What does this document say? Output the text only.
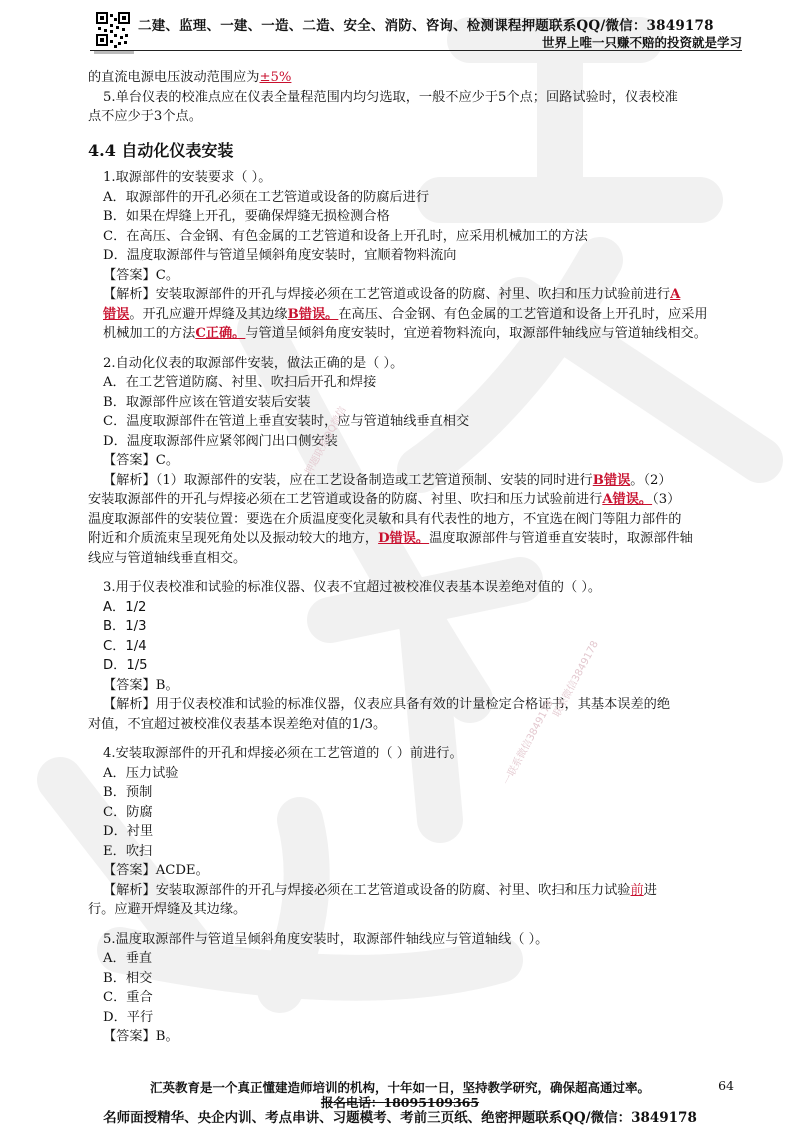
二建、监理、一建、一造、二造、安全、消防、咨询、检测课程押题联系QQ/微信：3849178
世界上唯一只赚不赔的投资就是学习

的直流电源电压波动范围应为±5%

5.单台仪表的校准点应在仪表全量程范围内均匀选取，一般不应少于5个点；回路试验时，仪表校准

点不应少于3个点。

4.4 自动化仪表安装

1.取源部件的安装要求（ ）。

A．取源部件的开孔必须在工艺管道或设备的防腐后进行

B．如果在焊缝上开孔，要确保焊缝无损检测合格

C．在高压、合金钢、有色金属的工艺管道和设备上开孔时，应采用机械加工的方法

D．温度取源部件与管道呈倾斜角度安装时，宜顺着物料流向

【答案】C。

【解析】安装取源部件的开孔与焊接必须在工艺管道或设备的防腐、衬里、吹扫和压力试验前进行A
错误。开孔应避开焊缝及其边缘B错误。在高压、合金钢、有色金属的工艺管道和设备上开孔时，应采用
机械加工的方法C正确。与管道呈倾斜角度安装时，宜逆着物料流向，取源部件轴线应与管道轴线相交。

2.自动化仪表的取源部件安装，做法正确的是（ ）。

A．在工艺管道防腐、衬里、吹扫后开孔和焊接

B．取源部件应该在管道安装后安装

C．温度取源部件在管道上垂直安装时，应与管道轴线垂直相交

D．温度取源部件应紧邻阀门出口侧安装

【答案】C。

【解析】（1）取源部件的安装，应在工艺设备制造或工艺管道预制、安装的同时进行B错误。（2）

安装取源部件的开孔与焊接必须在工艺管道或设备的防腐、衬里、吹扫和压力试验前进行A错误。（3）

温度取源部件的安装位置：要选在介质温度变化灵敏和具有代表性的地方，不宜选在阀门等阻力部件的

附近和介质流束呈现死角处以及振动较大的地方，D错误。温度取源部件与管道垂直安装时，取源部件轴

线应与管道轴线垂直相交。

3.用于仪表校准和试验的标准仪器、仪表不宜超过被校准仪表基本误差绝对值的（ ）。

A．1/2

B．1/3

C．1/4

D．1/5

【答案】B。

【解析】用于仪表校准和试验的标准仪器，仪表应具备有效的计量检定合格证书，其基本误差的绝

对值，不宜超过被校准仪表基本误差绝对值的1/3。

4.安装取源部件的开孔和焊接必须在工艺管道的（ ）前进行。

A．压力试验

B．预制

C．防腐

D．衬里

E．吹扫

【答案】ACDE。

【解析】安装取源部件的开孔与焊接必须在工艺管道或设备的防腐、衬里、吹扫和压力试验前进

行。应避开焊缝及其边缘。

5.温度取源部件与管道呈倾斜角度安装时，取源部件轴线应与管道轴线（ ）。

A．垂直

B．相交

C．重合

D．平行

【答案】B。

押题联系QQ微信
联系微信3849178
一联系微信3849178
汇英教育是一个真正懂建造师培训的机构，十年如一日，坚持教学研究，确保超高通过率。	64
报名电话：18095109365
名师面授精华、央企内训、考点串讲、习题模考、考前三页纸、绝密押题联系QQ/微信：3849178
